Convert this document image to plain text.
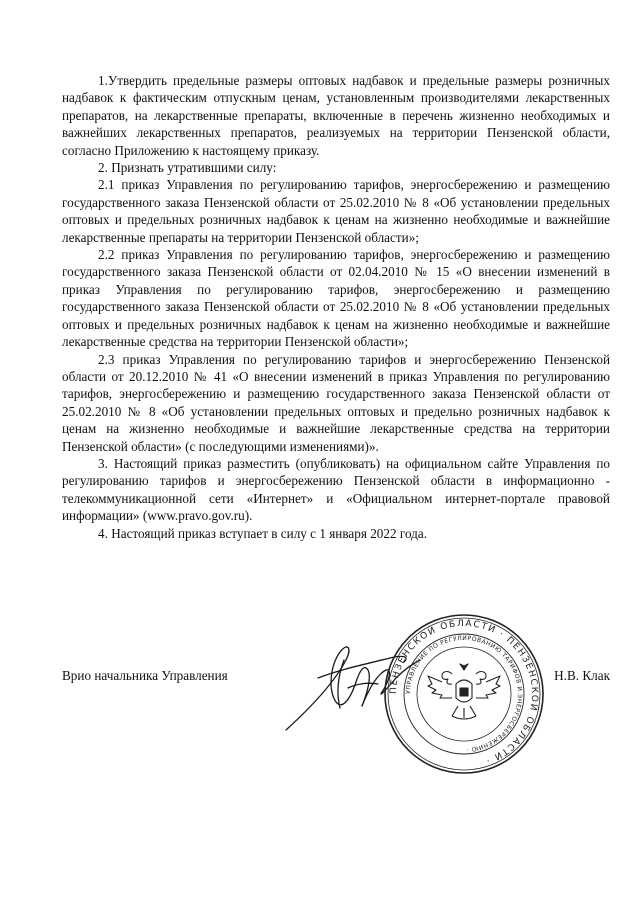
1.Утвердить предельные размеры оптовых надбавок и предельные размеры розничных надбавок к фактическим отпускным ценам, установленным производителями лекарственных препаратов, на лекарственные препараты, включенные в перечень жизненно необходимых и важнейших лекарственных препаратов, реализуемых на территории Пензенской области, согласно Приложению к настоящему приказу.

2. Признать утратившими силу:

2.1 приказ Управления по регулированию тарифов, энергосбережению и размещению государственного заказа Пензенской области от 25.02.2010 № 8 «Об установлении предельных оптовых и предельных розничных надбавок к ценам на жизненно необходимые и важнейшие лекарственные препараты на территории Пензенской области»;

2.2 приказ Управления по регулированию тарифов, энергосбережению и размещению государственного заказа Пензенской области от 02.04.2010 № 15 «О внесении изменений в приказ Управления по регулированию тарифов, энергосбережению и размещению государственного заказа Пензенской области от 25.02.2010 № 8 «Об установлении предельных оптовых и предельных розничных надбавок к ценам на жизненно необходимые и важнейшие лекарственные средства на территории Пензенской области»;

2.3 приказ Управления по регулированию тарифов и энергосбережению Пензенской области от 20.12.2010 № 41 «О внесении изменений в приказ Управления по регулированию тарифов, энергосбережению и размещению государственного заказа Пензенской области от 25.02.2010 № 8 «Об установлении предельных оптовых и предельно розничных надбавок к ценам на жизненно необходимые и важнейшие лекарственные средства на территории Пензенской области» (с последующими изменениями)».

3. Настоящий приказ разместить (опубликовать) на официальном сайте Управления по регулированию тарифов и энергосбережению Пензенской области в информационно - телекоммуникационной сети «Интернет» и «Официальном интернет-портале правовой информации» (www.pravo.gov.ru).

4. Настоящий приказ вступает в силу с 1 января 2022 года.

Врио начальника Управления	Н.В. Клак
ПЕНЗЕНСКОЙ ОБЛАСТИ · ПЕНЗЕНСКОЙ ОБЛАСТИ ·
УПРАВЛЕНИЕ ПО РЕГУЛИРОВАНИЮ ТАРИФОВ И ЭНЕРГОСБЕРЕЖЕНИЮ ·
